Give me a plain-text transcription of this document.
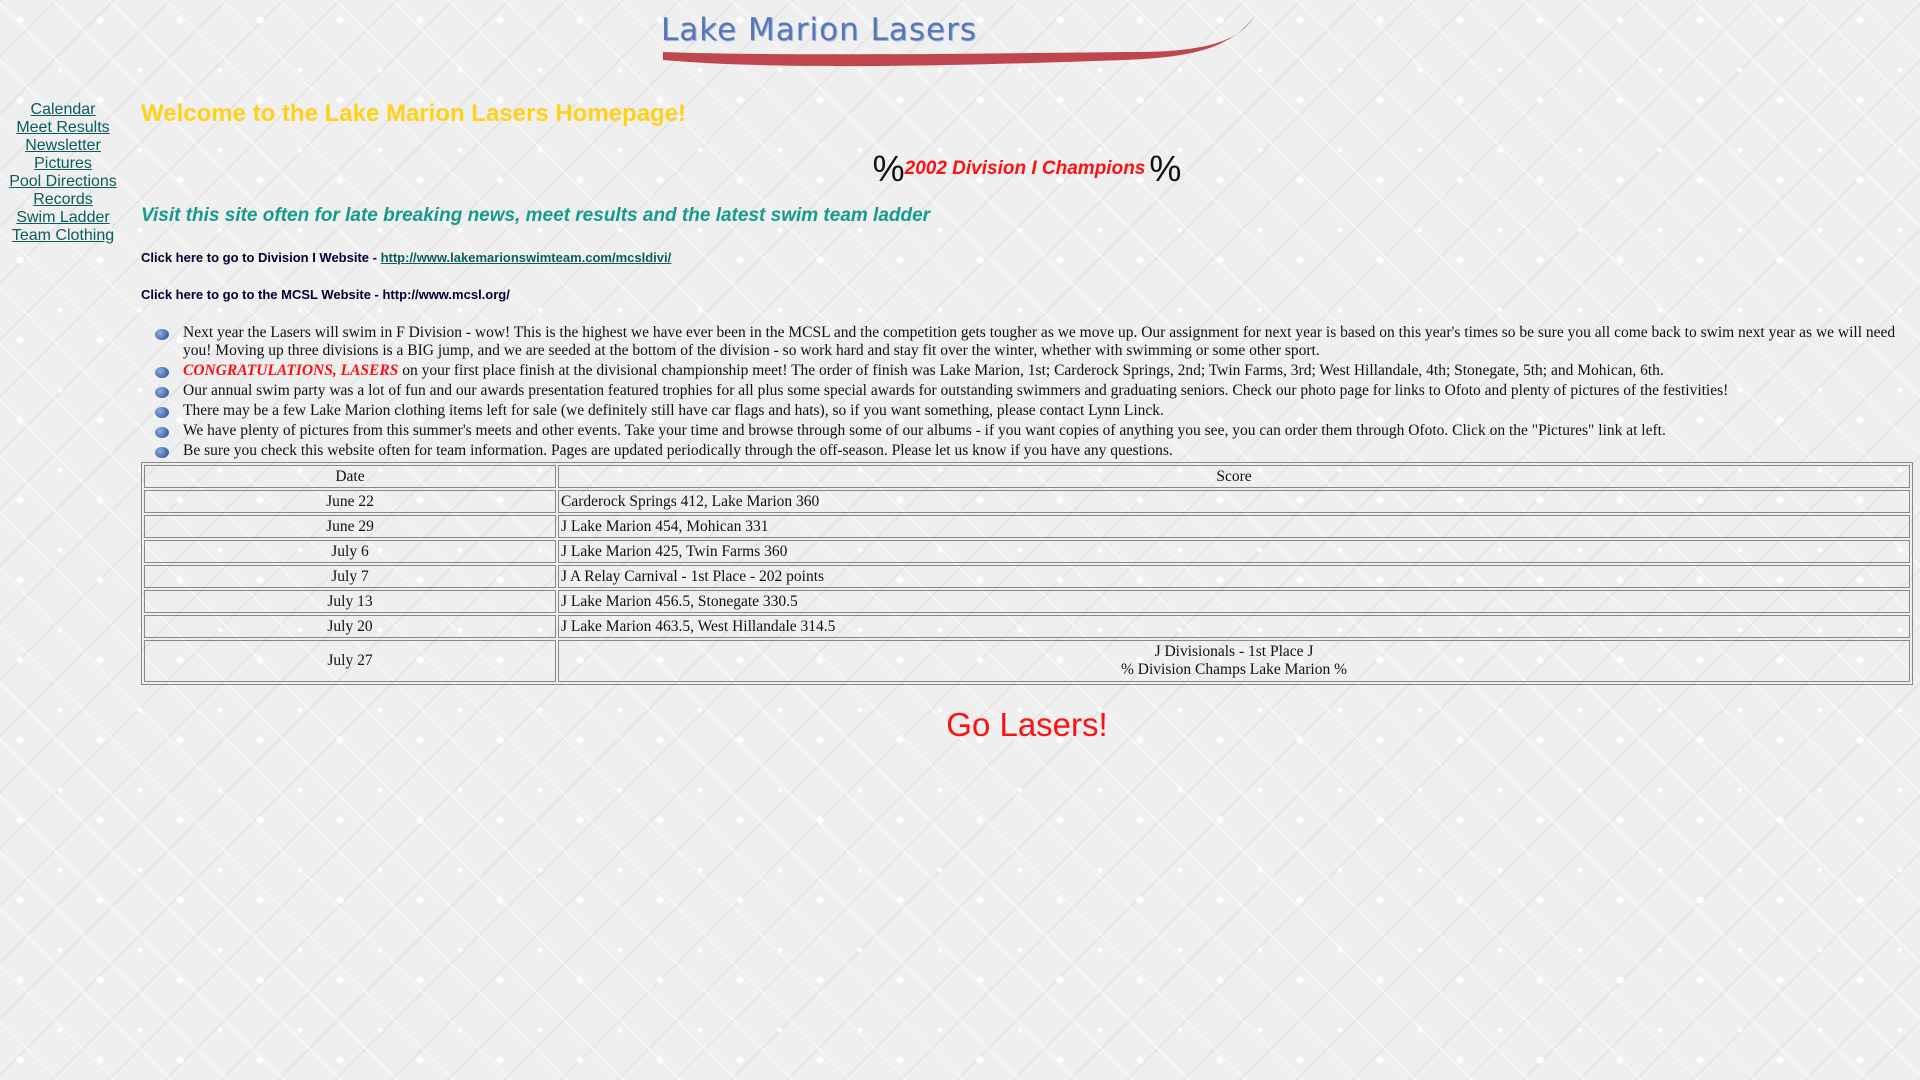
Lake Marion Lasers
Calendar
Meet Results
Newsletter
Pictures
Pool Directions
Records
Swim Ladder
Team Clothing
Welcome to the Lake Marion Lasers Homepage!
%2002 Division I Champions %

Visit this site often for late breaking news, meet results and the latest swim team ladder

Click here to go to Division I Website - http://www.lakemarionswimteam.com/mcsldivi/

Click here to go to the MCSL Website - http://www.mcsl.org/

Next year the Lasers will swim in F Division - wow! This is the highest we have ever been in the MCSL and the competition gets tougher as we move up. Our assignment for next year is based on this year's times so be sure you all come back to swim next year as we will need you! Moving up three divisions is a BIG jump, and we are seeded at the bottom of the division - so work hard and stay fit over the winter, whether with swimming or some other sport.
CONGRATULATIONS, LASERS on your first place finish at the divisional championship meet! The order of finish was Lake Marion, 1st; Carderock Springs, 2nd; Twin Farms, 3rd; West Hillandale, 4th; Stonegate, 5th; and Mohican, 6th.
Our annual swim party was a lot of fun and our awards presentation featured trophies for all plus some special awards for outstanding swimmers and graduating seniors. Check our photo page for links to Ofoto and plenty of pictures of the festivities!
There may be a few Lake Marion clothing items left for sale (we definitely still have car flags and hats), so if you want something, please contact Lynn Linck.
We have plenty of pictures from this summer's meets and other events. Take your time and browse through some of our albums - if you want copies of anything you see, you can order them through Ofoto. Click on the "Pictures" link at left.
Be sure you check this website often for team information. Pages are updated periodically through the off-season. Please let us know if you have any questions.
Date	Score
June 22	Carderock Springs 412, Lake Marion 360
June 29	J Lake Marion 454, Mohican 331
July 6	J Lake Marion 425, Twin Farms 360
July 7	J A Relay Carnival - 1st Place - 202 points
July 13	J Lake Marion 456.5, Stonegate 330.5
July 20	J Lake Marion 463.5, West Hillandale 314.5
July 27	J Divisionals - 1st Place J
% Division Champs Lake Marion %
Go Lasers!
